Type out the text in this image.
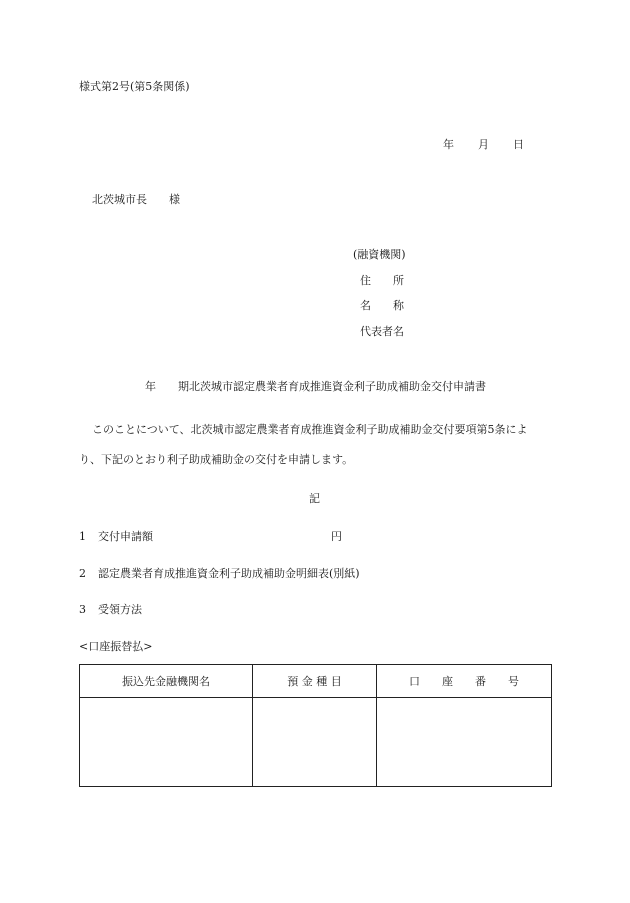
様式第2号(第5条関係)
年 月 日
北茨城市長　　様
(融資機関)
住　　所
名　　称
代表者名
年　　期北茨城市認定農業者育成推進資金利子助成補助金交付申請書
このことについて、北茨城市認定農業者育成推進資金利子助成補助金交付要項第5条によ
り、下記のとおり利子助成補助金の交付を申請します。
記
1 交付申請額	円
2 認定農業者育成推進資金利子助成補助金明細表(別紙)
3 受領方法
<口座振替払>
振込先金融機関名	預 金 種 目	口　　座　　番　　号
